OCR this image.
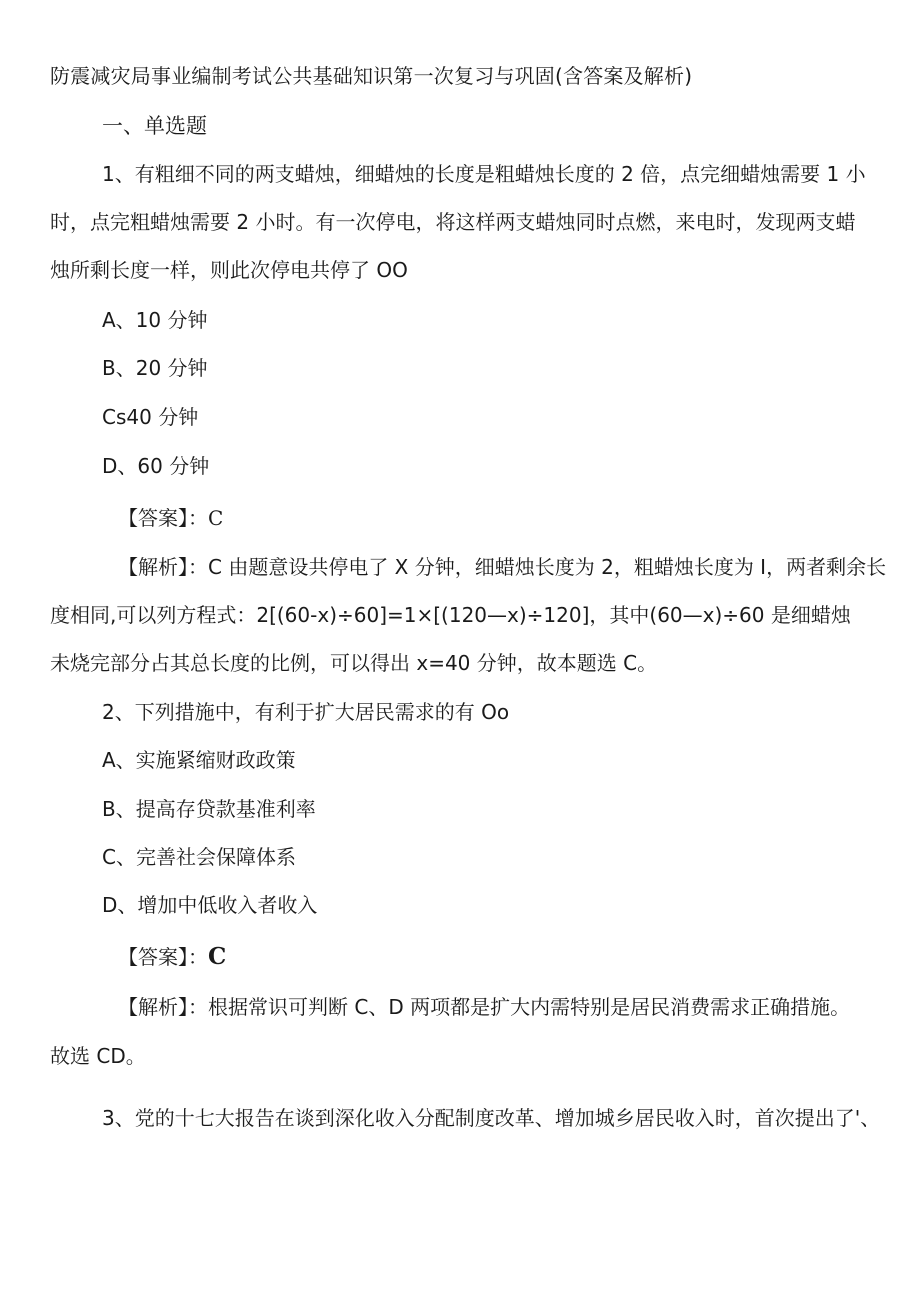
防震减灾局事业编制考试公共基础知识第一次复习与巩固(含答案及解析)
一、单选题
1、有粗细不同的两支蜡烛，细蜡烛的长度是粗蜡烛长度的 2 倍，点完细蜡烛需要 1 小
时，点完粗蜡烛需要 2 小时。有一次停电，将这样两支蜡烛同时点燃，来电时，发现两支蜡
烛所剩长度一样，则此次停电共停了 OO
A、10 分钟
B、20 分钟
Cs40 分钟
D、60 分钟
【答案】：C
【解析】：C 由题意设共停电了 X 分钟，细蜡烛长度为 2，粗蜡烛长度为 I，两者剩余长
度相同,可以列方程式：2[(60-x)÷60]=1×[(120—x)÷120]，其中(60—x)÷60 是细蜡烛
未烧完部分占其总长度的比例，可以得出 x=40 分钟，故本题选 C。
2、下列措施中，有利于扩大居民需求的有 Oo
A、实施紧缩财政政策
B、提高存贷款基准利率
C、完善社会保障体系
D、增加中低收入者收入
【答案】：C
【解析】：根据常识可判断 C、D 两项都是扩大内需特别是居民消费需求正确措施。
故选 CD。
3、党的十七大报告在谈到深化收入分配制度改革、增加城乡居民收入时，首次提出了'、
